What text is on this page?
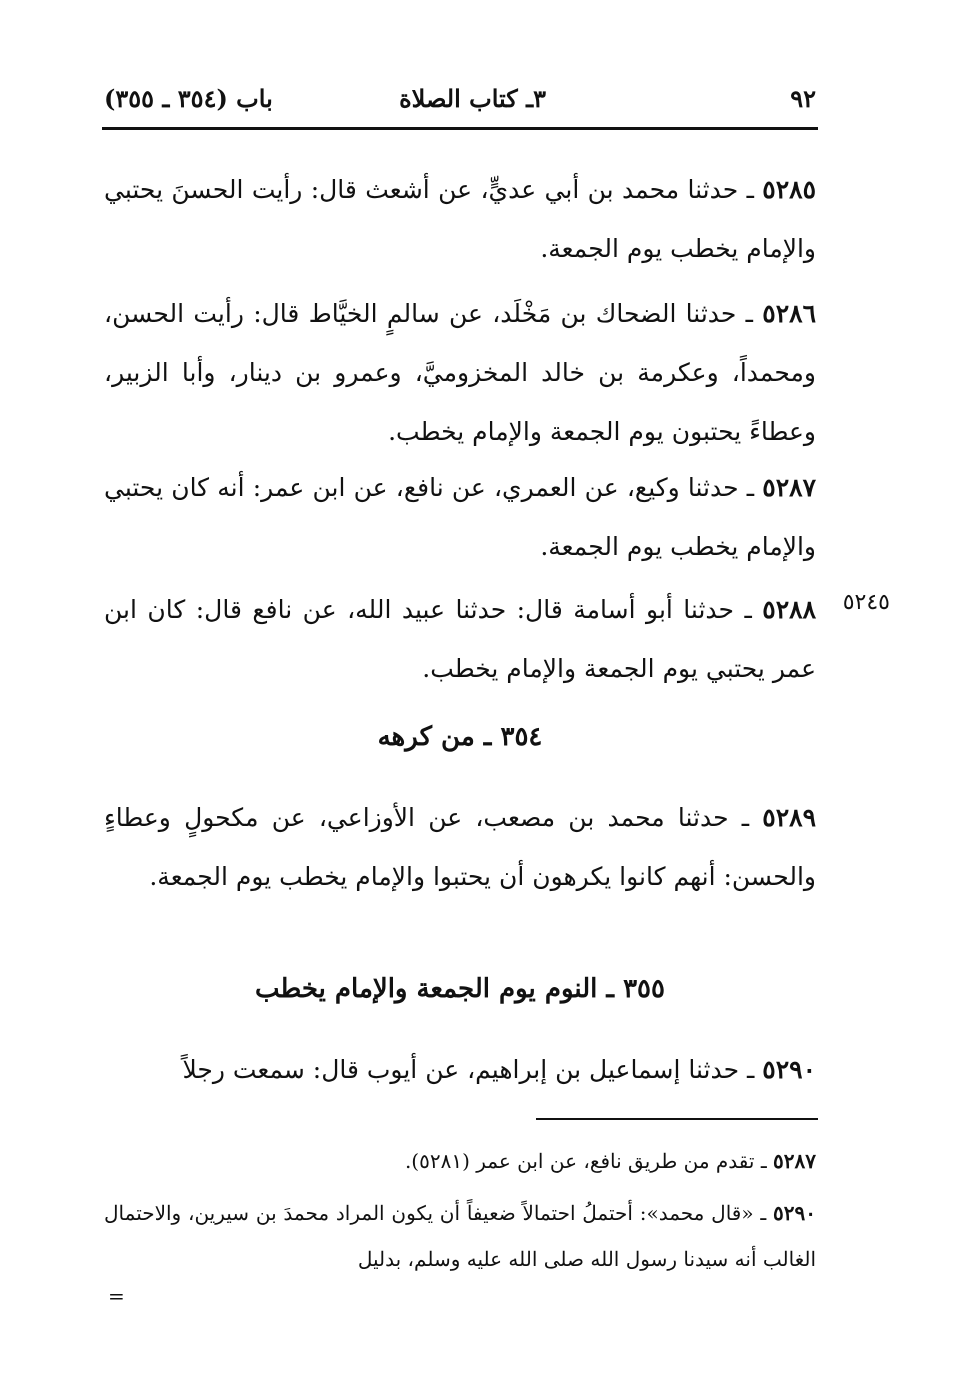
٩٢
٣ـ كتاب الصلاة
باب (٣٥٤ ـ ٣٥٥)

٥٢٨٥ ـ حدثنا محمد بن أبي عديٍّ، عن أشعث قال: رأيت الحسنَ يحتبي والإمام يخطب يوم الجمعة.

٥٢٨٦ ـ حدثنا الضحاك بن مَخْلَد، عن سالمٍ الخيَّاط قال: رأيت الحسن، ومحمداً، وعكرمة بن خالد المخزوميَّ، وعمرو بن دينار، وأبا الزبير، وعطاءً يحتبون يوم الجمعة والإمام يخطب.

٥٢٨٧ ـ حدثنا وكيع، عن العمري، عن نافع، عن ابن عمر: أنه كان يحتبي والإمام يخطب يوم الجمعة.

٥٢٤٥

٥٢٨٨ ـ حدثنا أبو أسامة قال: حدثنا عبيد الله، عن نافع قال: كان ابن عمر يحتبي يوم الجمعة والإمام يخطب.

٣٥٤ ـ من كرهه

٥٢٨٩ ـ حدثنا محمد بن مصعب، عن الأوزاعي، عن مكحولٍ وعطاءٍ والحسن: أنهم كانوا يكرهون أن يحتبوا والإمام يخطب يوم الجمعة.

٣٥٥ ـ النوم يوم الجمعة والإمام يخطب

٥٢٩٠ ـ حدثنا إسماعيل بن إبراهيم، عن أيوب قال: سمعت رجلاً

٥٢٨٧ ـ تقدم من طريق نافع، عن ابن عمر (٥٢٨١).

٥٢٩٠ ـ «قال محمد»: أحتملُ احتمالاً ضعيفاً أن يكون المراد محمدَ بن سيرين، والاحتمال الغالب أنه سيدنا رسول الله صلى الله عليه وسلم، بدليل

=
